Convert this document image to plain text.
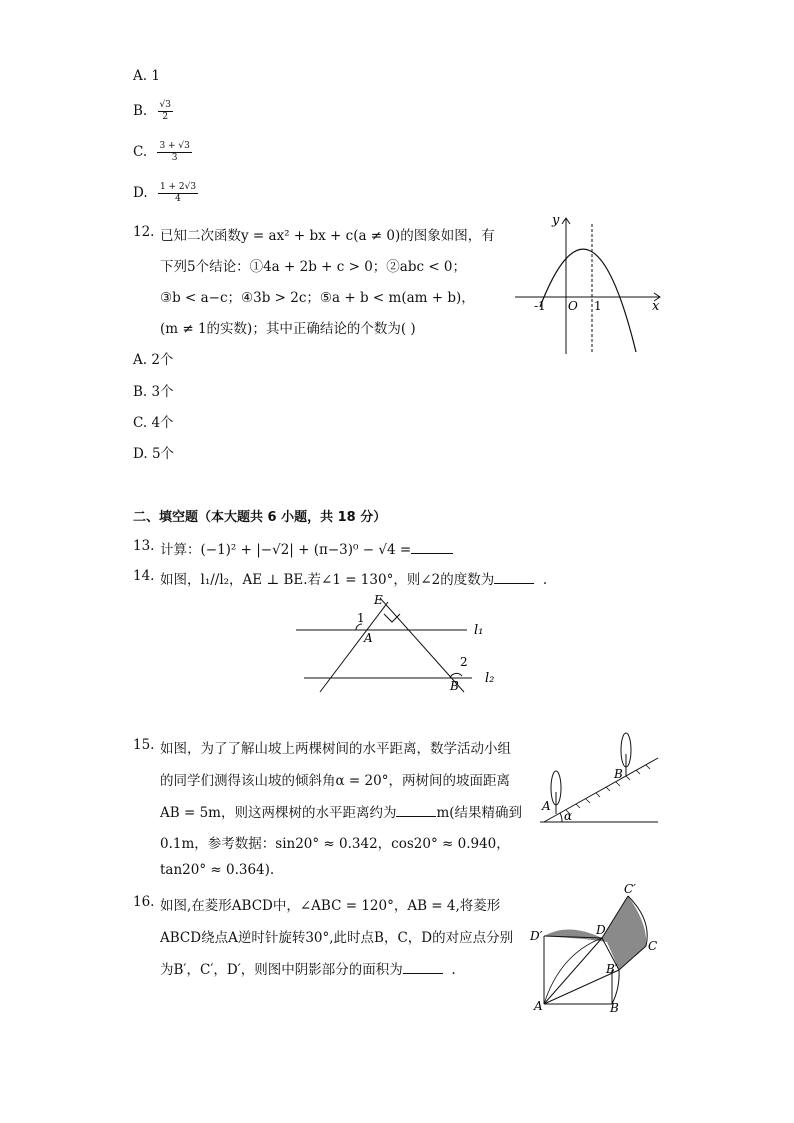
A. 1
B. $\frac{√3}{2}$
C. $\frac{3 + √3}{3}$
D. $\frac{1 + 2√3}{4}$
12. 已知二次函数y = ax² + bx + c(a ≠ 0)的图象如图，有
下列5个结论：①4a + 2b + c > 0；②abc < 0；
③b < a−c；④3b > 2c；⑤a + b < m(am + b)，
(m ≠ 1的实数)；其中正确结论的个数为( )
A. 2个
B. 3个
C. 4个
D. 5个
y
x
-1 O 1
二、填空题（本大题共 6 小题，共 18 分）
13. 计算：(−1)² + |−√2| + (π−3)⁰ − √4 =
14. 如图，l₁//l₂，AE ⊥ BE.若∠1 = 130°，则∠2的度数为	.
E
1
A
2
B
l₁
l₂
15. 如图，为了了解山坡上两棵树间的水平距离，数学活动小组
的同学们测得该山坡的倾斜角α = 20°，两树间的坡面距离
AB = 5m，则这两棵树的水平距离约为	m(结果精确到
0.1m，参考数据：sin20° ≈ 0.342，cos20° ≈ 0.940，
tan20° ≈ 0.364).
A
B
α
16. 如图,在菱形ABCD中，∠ABC = 120°，AB = 4,将菱形
ABCD绕点A逆时针旋转30°,此时点B，C，D的对应点分别
为B′，C′，D′，则图中阴影部分的面积为	.
C′
D′	D
C
B′
A	B
